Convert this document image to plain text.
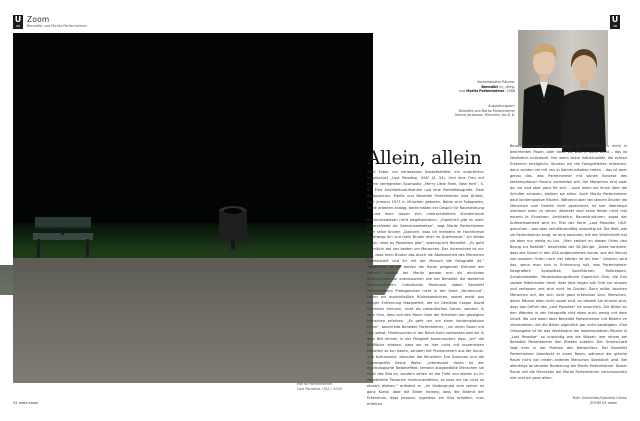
U
UR
Zoom
Benedikt und Moritz Partenheimer
Moritz Partenheimer
Lost Paradise, USA / 2005
52 meta zoom
U
UR
Kontemplative Räume:
Benedikt (li), Jahrg.
und Moritz Partenheimer, 2006
Ausstellungsort:
Benedikt und Moritz Partenheimer
Galerie Jordanow, München, bis 8. 6.
Allein, allein

Zwei Fotos: ein verlassenes Basketballfeld, ein unwirtlicher Kunstschutt „Lost Paradise, USA“ (S. 54). Und eine Frau auf einem verregneten Sportplatz „Merry Little Mark, New York“, S. 65. Eine Architekturaufnahme und eine Porträtfotografie. Zwei Bildsprachen. Moritz und Benedikt Partenheimer sind Brüder, sagt jemand 1977 in München geboren. Beide sind Fotografen, beide arbeiten analog, beide haben ein Gespür für Raumwirkung – und doch lassen sich unterschiedliche künstlerische Ausdrucksweisen nicht wegdiskutieren. „Eigentlich gibt es mehr Unterschiede als Gemeinsamkeiten“, sagt Moritz Partenheimer über seine Bruder. „Dadurch, dass ich meistens im Hochformat unterwegs bin und mein Bruder eher im Querformat.“ Ich denke schon, dass es Parallelen gibt“, widerspricht Benedikt. „Es geht eigentlich bei uns beiden um Menschen. Der Unterschied ist nur der, dass mein Bruder das durch die Abwesenheit des Menschen thematisiert und ihr mit der Mensch die Fotografie ist.“ Tatsächlich ist bei beiden der Raum prägender Element der Mensch schient bei Moritz gerade mal als ahnliches Strukturmerkmal aufzutauchen wie bei Benedikt die weiterhin Raumstrukturen. Individuelle Merkmale haben Benedikt Partenheimers Protagonisten nicht in der Serie „Tornersund“, sehen wir ausschließlich Rückenansichten, wobei meist aus einiger Entfernung fotografiert, die an Gemälde Caspar David Friedrichs erinnern, nicht als romantisches Ganze, sondern in dem Sinn, dass von den Raum über die Schultern der gezeigten Menschen erfahren. „Es geht mir um einen kontemplativen Raum“, beschreibt Benedikt Partenheimer, „um einen Raum mit sich selbst, Hineinsuchen in der Raum hoch vorhanden weil wir in dem Bild lehnen, in der Fähigkeit kommuniziert, dass „Ich“ die Bildfläche erleben, dass wir es hier nicht mit inszenierten Modellen zu tun haben, sondern mit Promenierern aus der Kunst- und Kulturszene, darunter die Künstlerin Eve Sussman und die Choreografin Sasha Waltz. „Interessant daran ist der psychologische Nebeneffekt. Jemand ausgewählte Menschen sie nicht das Bild an, sondern sehen an die Tiefe und wieder zu ihr abgebildete Personen hineinzuerzählen, so dass wir sie nicht so einsam bleiben,“ erläutert er. „Im Vordergrund vom seinen ist ganz Kunst, über die Bilder hinweg, dass die Bildmit der Erkenntnis, dass jemand, irgendwo ein Bild erhalten, man erfahren.

Benedikt Partenheimer inszeniert die Fotografierten nicht in bestimmten Posen, oder dafür zu, was er dann dreht – das ist fabrikalich individuell. Nur wenn keine Individualität, die echten Erkennen ermöglicht. Wurden wir die Fotografierten erkennen, dann würden sie mit uns in Kommunikation treten – das ist aber genau das, was Partenheimer mit seinen Konzept des kontemplativen Raums vermeiden will. Die Menschen sind zwar da, sie sind aber ganz für sich – auch wenn wir ihnen über die Schulter schauen, bleiben sie allein. Auch Moritz Partenheimer baut kontemplative Räume. Während aber bei seinem Bruder die Menschen zum Greifen nicht gezeichnet, ist hier überhaupt niemand mehr zu sehen. Abstrakt sind seine Bilder nicht mal einzeln je Einzelnen. Architektur, Raumstrukturen, sogar der Aufmerksamkeit wird im Titel der Serie „Lost Paradise, USA“ gesuchen – was aber verhältnismäßig unwichtig ist: Die Welt, wie sie Partenheimer zeigt, ist eine konkrete, mit der Wirklichkeit hat sie aber nur wenig zu tun. „Man verliert an diesen Orten den Bezug zur Realität“, beschreibt der 30-Jährige. „Diese konkrete, dass das Gaiser in den USA aufgenommen wurde, war die Verlust von sozialen Orten noch viel stärker ist als hier.“ Deutlich wird das, wenn man sich in Erinnerung ruft, was Partenheimer fotografiert: Spielplätze, Sportflächen, Rolltreppen, Schwimmbäder, Veranstaltungsräume Eigentlich Orte, die fürs soziale Miteinander dient. Aber jetzt liegen alle Orte nur einsam und verlassen und sind nicht im Dunkel. Doch sollte, tauchen Menschen auf, die sich nicht ganz erkennbar sind. Menschen, deren Räume eben nicht sozial sind, an diesem sie einsam sind, dass das Gefühl des „Lost Paradise“ ist unwirklich. Die Bilder an den Wänden in der Fotografie sind eben auch wenig mit dem Inhalt. Wo und wann aber Benedikt Partenheimer mit Bildern im informativen, die die Bilder eigentlich gar nicht benötigten. Eine Ortsangabe ist für das Verständnis der kontemplativen Räume in „Lost Paradise“ so unwichtig wie die Wissen, wer einem bei Benedikt Partenheimer den Rücken zukehrt. Der Unterschied liegt eher in der Position des Betrachters. Bei Benedikt Partenheimer überdeckt er einen Raum, während der gleiche Raum nicht von einem anderen Menschen überblickt wird. Bei allerdings ist lamailer Bedeutung bei Moritz Partenheimer. Dieser Raum will die Menschen bei Moritz Partenheimer verschwunden hier und wir ganz allein.

Ruth Schneider/Gabriele Urban
ZOOM 53 meta
